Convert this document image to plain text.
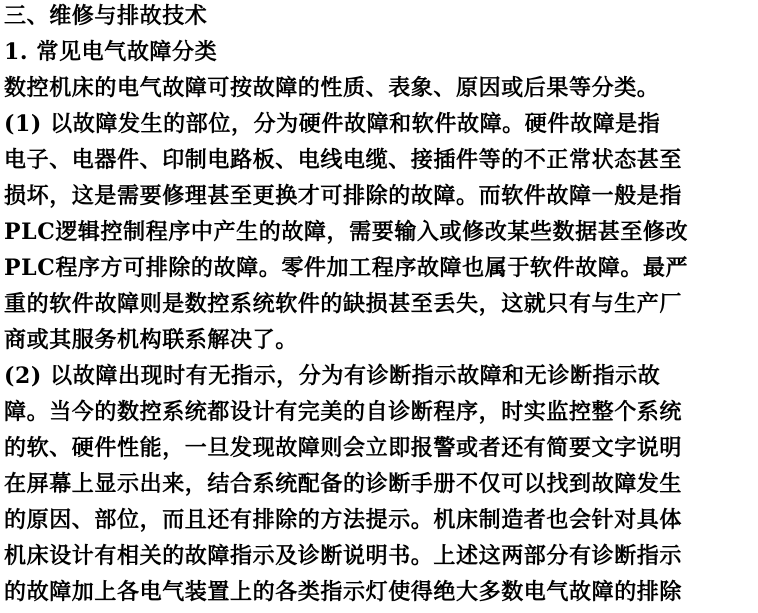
三、维修与排故技术
1. 常见电气故障分类
数控机床的电气故障可按故障的性质、表象、原因或后果等分类。
(1) 以故障发生的部位，分为硬件故障和软件故障。硬件故障是指
电子、电器件、印制电路板、电线电缆、接插件等的不正常状态甚至
损坏，这是需要修理甚至更换才可排除的故障。而软件故障一般是指
PLC逻辑控制程序中产生的故障，需要输入或修改某些数据甚至修改
PLC程序方可排除的故障。零件加工程序故障也属于软件故障。最严
重的软件故障则是数控系统软件的缺损甚至丢失，这就只有与生产厂
商或其服务机构联系解决了。
(2) 以故障出现时有无指示，分为有诊断指示故障和无诊断指示故
障。当今的数控系统都设计有完美的自诊断程序，时实监控整个系统
的软、硬件性能，一旦发现故障则会立即报警或者还有简要文字说明
在屏幕上显示出来，结合系统配备的诊断手册不仅可以找到故障发生
的原因、部位，而且还有排除的方法提示。机床制造者也会针对具体
机床设计有相关的故障指示及诊断说明书。上述这两部分有诊断指示
的故障加上各电气装置上的各类指示灯使得绝大多数电气故障的排除
